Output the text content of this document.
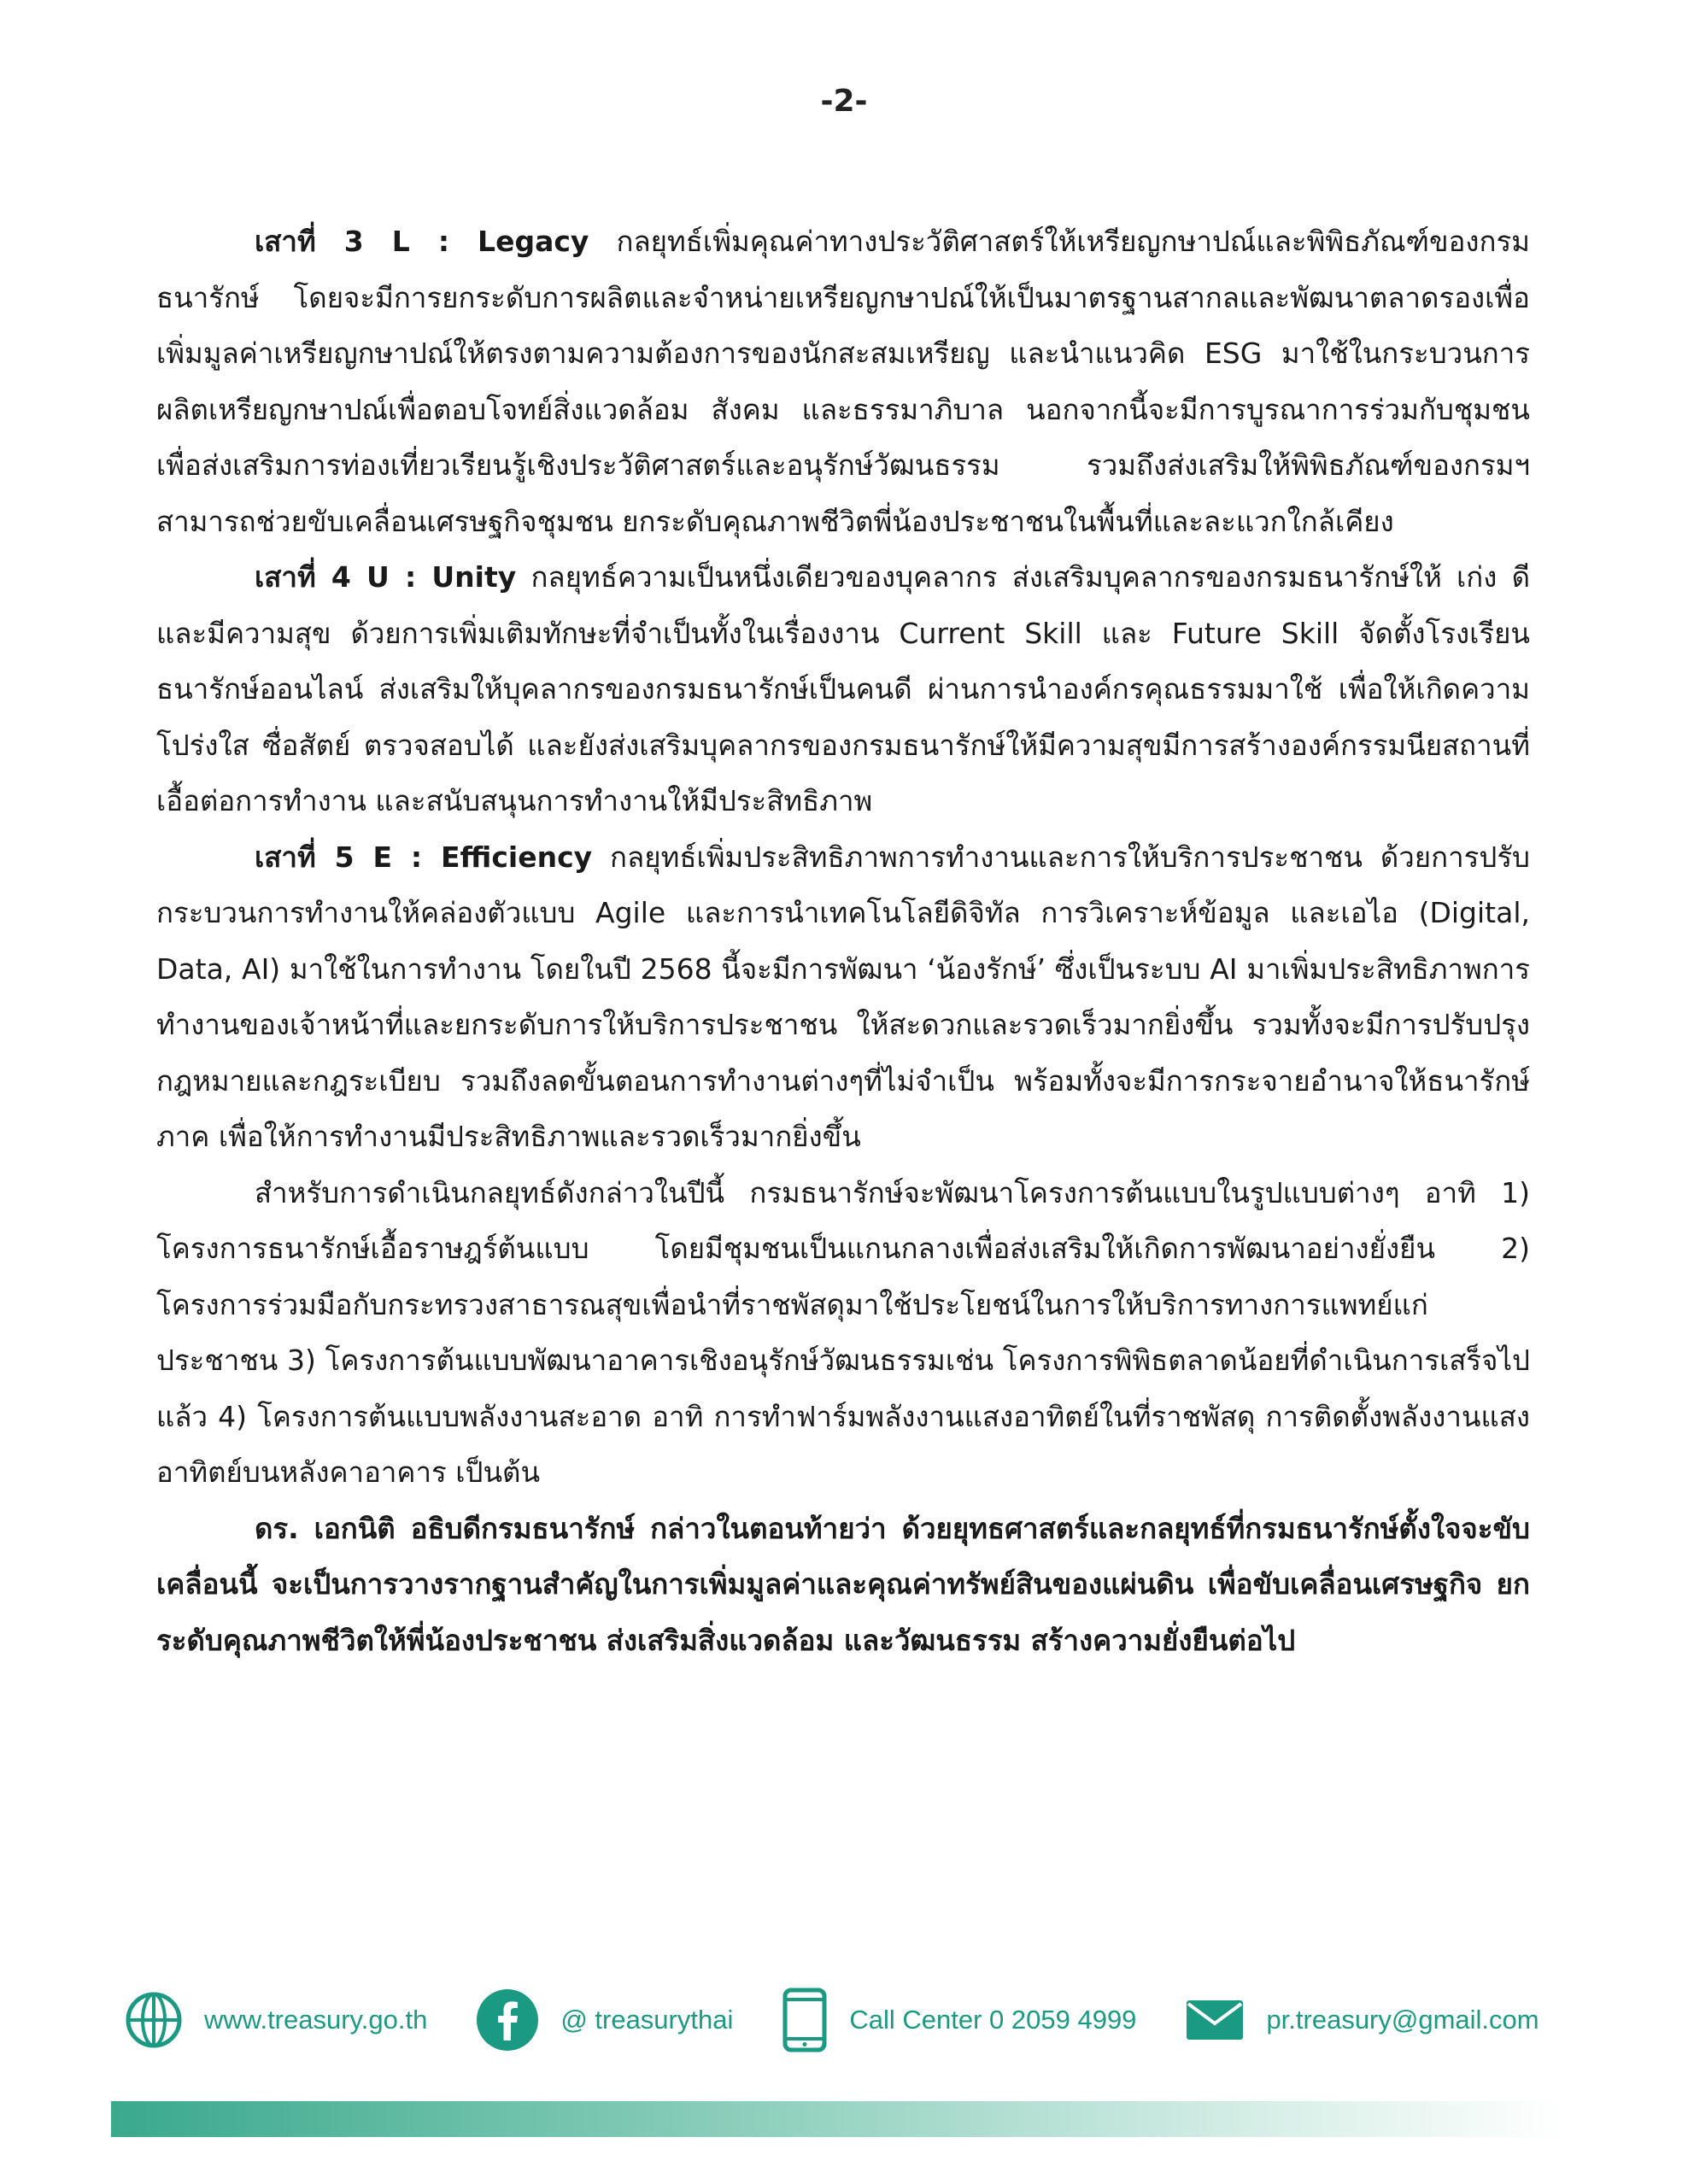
-2-

เสาที่ 3 L : Legacy กลยุทธ์เพิ่มคุณค่าทางประวัติศาสตร์ให้เหรียญกษาปณ์และพิพิธภัณฑ์ของกรมธนารักษ์ โดยจะมีการยกระดับการผลิตและจำหน่ายเหรียญกษาปณ์ให้เป็นมาตรฐานสากลและพัฒนาตลาดรองเพื่อเพิ่มมูลค่าเหรียญกษาปณ์ให้ตรงตามความต้องการของนักสะสมเหรียญ และนำแนวคิด ESG มาใช้ในกระบวนการผลิตเหรียญกษาปณ์เพื่อตอบโจทย์สิ่งแวดล้อม สังคม และธรรมาภิบาล นอกจากนี้จะมีการบูรณาการร่วมกับชุมชนเพื่อส่งเสริมการท่องเที่ยวเรียนรู้เชิงประวัติศาสตร์และอนุรักษ์วัฒนธรรม รวมถึงส่งเสริมให้พิพิธภัณฑ์ของกรมฯ สามารถช่วยขับเคลื่อนเศรษฐกิจชุมชน ยกระดับคุณภาพชีวิตพี่น้องประชาชนในพื้นที่และละแวกใกล้เคียง

เสาที่ 4 U : Unity กลยุทธ์ความเป็นหนึ่งเดียวของบุคลากร ส่งเสริมบุคลากรของกรมธนารักษ์ให้ เก่ง ดี และมีความสุข ด้วยการเพิ่มเติมทักษะที่จำเป็นทั้งในเรื่องงาน Current Skill และ Future Skill จัดตั้งโรงเรียนธนารักษ์ออนไลน์ ส่งเสริมให้บุคลากรของกรมธนารักษ์เป็นคนดี ผ่านการนำองค์กรคุณธรรมมาใช้ เพื่อให้เกิดความโปร่งใส ซื่อสัตย์ ตรวจสอบได้ และยังส่งเสริมบุคลากรของกรมธนารักษ์ให้มีความสุขมีการสร้างองค์กรรมนียสถานที่เอื้อต่อการทำงาน และสนับสนุนการทำงานให้มีประสิทธิภาพ

เสาที่ 5 E : Efficiency กลยุทธ์เพิ่มประสิทธิภาพการทำงานและการให้บริการประชาชน ด้วยการปรับกระบวนการทำงานให้คล่องตัวแบบ Agile และการนำเทคโนโลยีดิจิทัล การวิเคราะห์ข้อมูล และเอไอ (Digital, Data, AI) มาใช้ในการทำงาน โดยในปี 2568 นี้จะมีการพัฒนา ‘น้องรักษ์’ ซึ่งเป็นระบบ AI มาเพิ่มประสิทธิภาพการทำงานของเจ้าหน้าที่และยกระดับการให้บริการประชาชน ให้สะดวกและรวดเร็วมากยิ่งขึ้น รวมทั้งจะมีการปรับปรุงกฎหมายและกฎระเบียบ รวมถึงลดขั้นตอนการทำงานต่างๆที่ไม่จำเป็น พร้อมทั้งจะมีการกระจายอำนาจให้ธนารักษ์ภาค เพื่อให้การทำงานมีประสิทธิภาพและรวดเร็วมากยิ่งขึ้น

สำหรับการดำเนินกลยุทธ์ดังกล่าวในปีนี้ กรมธนารักษ์จะพัฒนาโครงการต้นแบบในรูปแบบต่างๆ อาทิ 1) โครงการธนารักษ์เอื้อราษฎร์ต้นแบบ โดยมีชุมชนเป็นแกนกลางเพื่อส่งเสริมให้เกิดการพัฒนาอย่างยั่งยืน 2) โครงการร่วมมือกับกระทรวงสาธารณสุขเพื่อนำที่ราชพัสดุมาใช้ประโยชน์ในการให้บริการทางการแพทย์แก่ประชาชน 3) โครงการต้นแบบพัฒนาอาคารเชิงอนุรักษ์วัฒนธรรมเช่น โครงการพิพิธตลาดน้อยที่ดำเนินการเสร็จไปแล้ว 4) โครงการต้นแบบพลังงานสะอาด อาทิ การทำฟาร์มพลังงานแสงอาทิตย์ในที่ราชพัสดุ การติดตั้งพลังงานแสงอาทิตย์บนหลังคาอาคาร เป็นต้น

ดร. เอกนิติ อธิบดีกรมธนารักษ์ กล่าวในตอนท้ายว่า ด้วยยุทธศาสตร์และกลยุทธ์ที่กรมธนารักษ์ตั้งใจจะขับเคลื่อนนี้ จะเป็นการวางรากฐานสำคัญในการเพิ่มมูลค่าและคุณค่าทรัพย์สินของแผ่นดิน เพื่อขับเคลื่อนเศรษฐกิจ ยกระดับคุณภาพชีวิตให้พี่น้องประชาชน ส่งเสริมสิ่งแวดล้อม และวัฒนธรรม สร้างความยั่งยืนต่อไป

www.treasury.go.th	@ treasurythai	Call Center 0 2059 4999	pr.treasury@gmail.com
